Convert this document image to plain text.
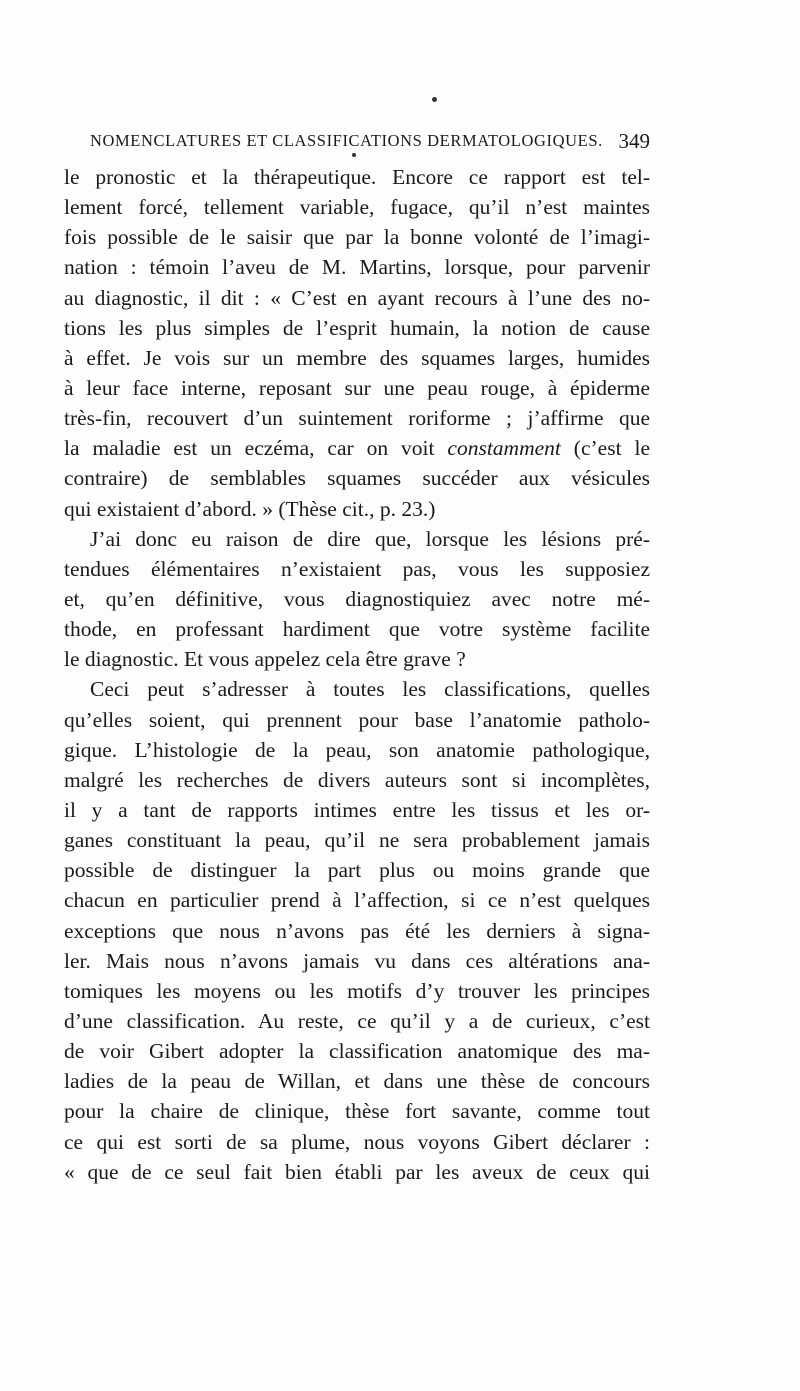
NOMENCLATURES ET CLASSIFICATIONS DERMATOLOGIQUES. 349
le pronostic et la thérapeutique. Encore ce rapport est tel-
lement forcé, tellement variable, fugace, qu’il n’est maintes
fois possible de le saisir que par la bonne volonté de l’imagi-
nation : témoin l’aveu de M. Martins, lorsque, pour parvenir
au diagnostic, il dit : « C’est en ayant recours à l’une des no-
tions les plus simples de l’esprit humain, la notion de cause
à effet. Je vois sur un membre des squames larges, humides
à leur face interne, reposant sur une peau rouge, à épiderme
très-fin, recouvert d’un suintement roriforme ; j’affirme que
la maladie est un eczéma, car on voit constamment (c’est le
contraire) de semblables squames succéder aux vésicules
qui existaient d’abord. » (Thèse cit., p. 23.)
J’ai donc eu raison de dire que, lorsque les lésions pré-
tendues élémentaires n’existaient pas, vous les supposiez
et, qu’en définitive, vous diagnostiquiez avec notre mé-
thode, en professant hardiment que votre système facilite
le diagnostic. Et vous appelez cela être grave ?
Ceci peut s’adresser à toutes les classifications, quelles
qu’elles soient, qui prennent pour base l’anatomie patholo-
gique. L’histologie de la peau, son anatomie pathologique,
malgré les recherches de divers auteurs sont si incomplètes,
il y a tant de rapports intimes entre les tissus et les or-
ganes constituant la peau, qu’il ne sera probablement jamais
possible de distinguer la part plus ou moins grande que
chacun en particulier prend à l’affection, si ce n’est quelques
exceptions que nous n’avons pas été les derniers à signa-
ler. Mais nous n’avons jamais vu dans ces altérations ana-
tomiques les moyens ou les motifs d’y trouver les principes
d’une classification. Au reste, ce qu’il y a de curieux, c’est
de voir Gibert adopter la classification anatomique des ma-
ladies de la peau de Willan, et dans une thèse de concours
pour la chaire de clinique, thèse fort savante, comme tout
ce qui est sorti de sa plume, nous voyons Gibert déclarer :
« que de ce seul fait bien établi par les aveux de ceux qui
